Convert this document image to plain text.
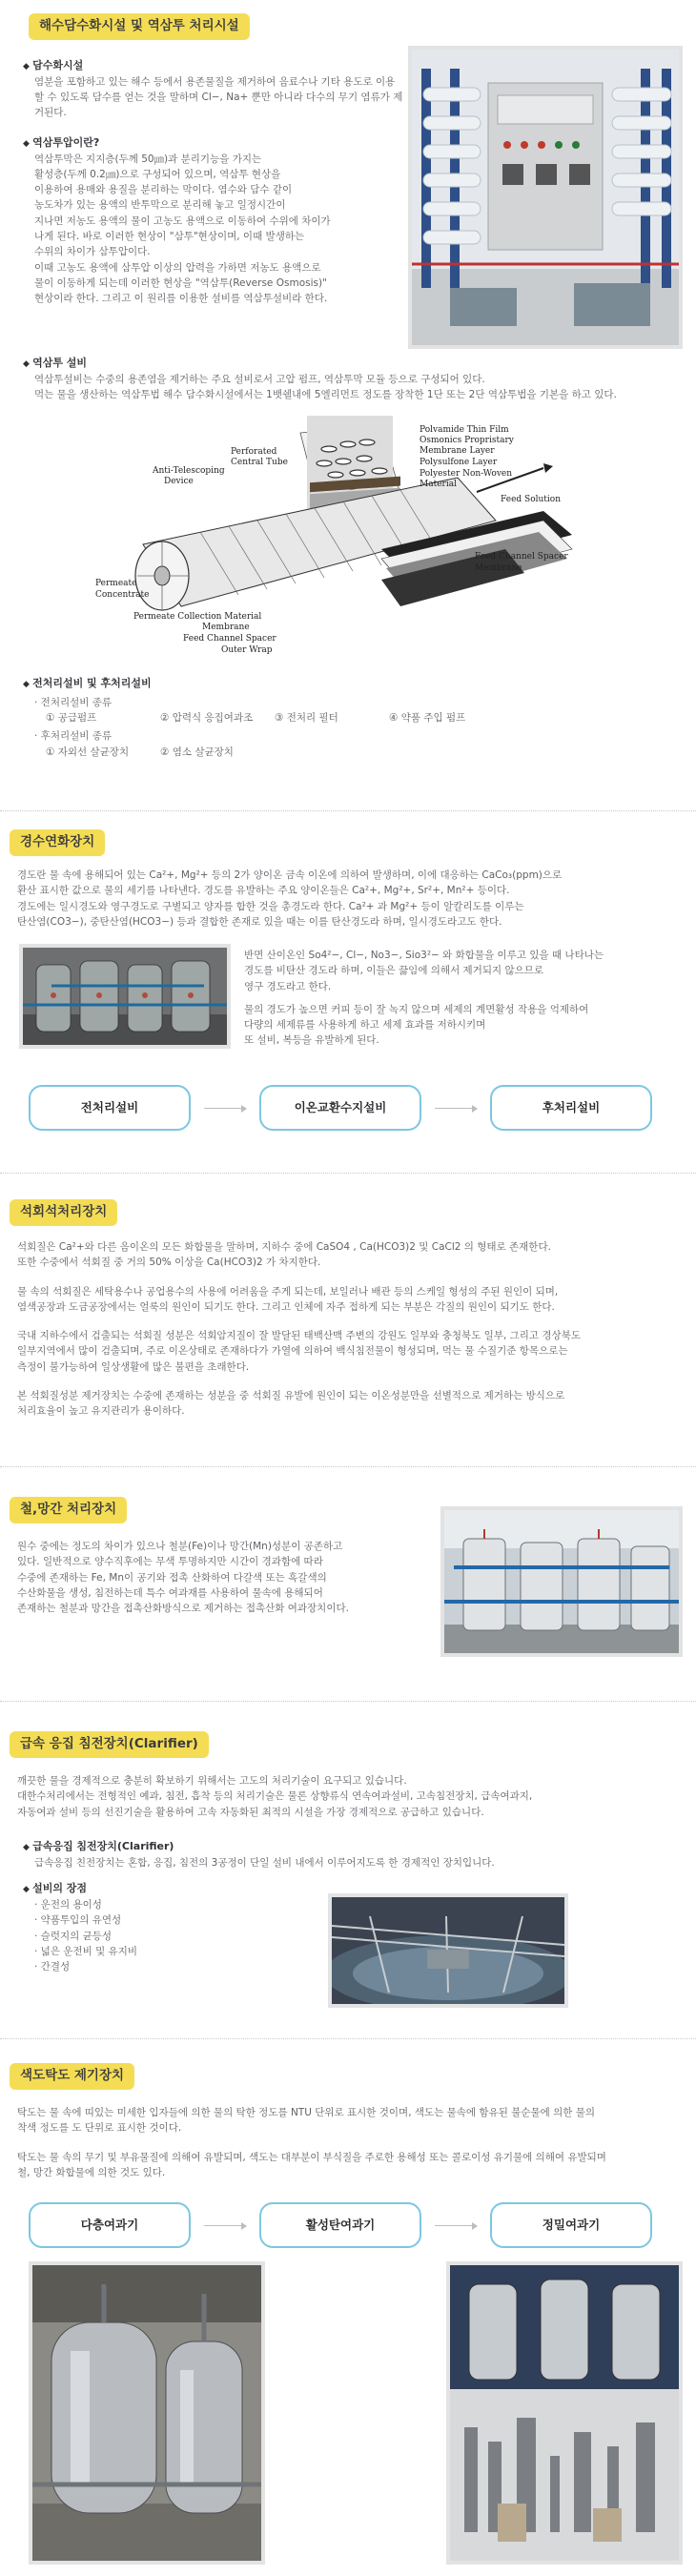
해수담수화시설 및 역삼투 처리시설
◆ 담수화시설

염분을 포함하고 있는 해수 등에서 용존물질을 제거하여 음료수나 기타 용도로 이용할 수 있도록 담수를 얻는 것을 말하며 Cl−, Na+ 뿐만 아니라 다수의 무기 염류가 제거된다.

◆ 역삼투압이란?

역삼투막은 지지층(두께 50㎛)과 분리기능을 가지는

활성층(두께 0.2㎛)으로 구성되어 있으며, 역삼투 현상을

이용하여 용매와 용질을 분리하는 막이다. 염수와 담수 같이

농도차가 있는 용액의 반투막으로 분리해 놓고 일정시간이

지나면 저농도 용액의 물이 고농도 용액으로 이동하여 수위에 차이가

나게 된다. 바로 이러한 현상이 "삼투"현상이며, 이때 발생하는

수위의 차이가 삼투압이다.

이때 고농도 용액에 삼투압 이상의 압력을 가하면 저농도 용액으로

물이 이동하게 되는데 이러한 현상을 "역삼투(Reverse Osmosis)"

현상이라 한다. 그리고 이 원리를 이용한 설비를 역삼투설비라 한다.

◆ 역삼투 설비

역삼투설비는 수중의 용존염을 제거하는 주요 설비로서 고압 펌프, 역삼투막 모듈 등으로 구성되어 있다.

먹는 물을 생산하는 역삼투법 해수 담수화시설에서는 1뱃쉘내에 5엘리먼트 정도를 장착한 1단 또는 2단 역삼투법을 기본을 하고 있다.

Polvamide Thin Film
Osmonics Propristary
Membrane Layer
Polysulfone Layer
Polyester Non-Woven
Material
Perforated
Central Tube
Anti-Telescoping
Device
Feed Solution
Permeate
Concentrate
Feed Channel Spacer
Membrane
Permeate Collection Material
Membrane
Feed Channel Spacer
Outer Wrap
◆ 전처리설비 및 후처리설비

· 전처리설비 종류

① 공급펌프	② 압력식 응집여과조	③ 전처리 필터	④ 약품 주입 펌프

· 후처리설비 종류

① 자외선 살균장치	② 염소 살균장치
경수연화장치

경도란 물 속에 용해되어 있는 Ca²+, Mg²+ 등의 2가 양이온 금속 이온에 의하여 발생하며, 이에 대응하는 CaCo₃(ppm)으로

환산 표시한 값으로 물의 세기를 나타낸다. 경도를 유발하는 주요 양이온들은 Ca²+, Mg²+, Sr²+, Mn²+ 등이다.

경도에는 일시경도와 영구경도로 구별되고 양자를 합한 것을 총경도라 한다. Ca²+ 과 Mg²+ 등이 알칼리도를 이루는

탄산염(CO3−), 중탄산염(HCO3−) 등과 결합한 존재로 있을 때는 이를 탄산경도라 하며, 일시경도라고도 한다.

반면 산이온인 So4²−, Cl−, No3−, Sio3²− 와 화합물을 이루고 있을 때 나타나는

경도를 비탄산 경도라 하며, 이들은 끓임에 의해서 제거되지 않으므로

영구 경도라고 한다.

물의 경도가 높으면 커피 등이 잘 녹지 않으며 세제의 계면활성 작용을 억제하여

다량의 세제류를 사용하게 하고 세제 효과를 저하시키며

또 설비, 복등을 유발하게 된다.

전처리설비	이온교환수지설비	후처리설비
석회석처리장치

석회질은 Ca²+와 다른 음이온의 모든 화합물을 말하며, 지하수 중에 CaSO4 , Ca(HCO3)2 및 CaCl2 의 형태로 존재한다.

또한 수중에서 석회질 중 거의 50% 이상을 Ca(HCO3)2 가 차지한다.

물 속의 석회질은 세탁용수나 공업용수의 사용에 어려움을 주게 되는데, 보일러나 배관 등의 스케일 형성의 주된 원인이 되며,

염색공장과 도금공장에서는 얼룩의 원인이 되기도 한다. 그리고 인체에 자주 접하게 되는 부분은 각질의 원인이 되기도 한다.

국내 지하수에서 검출되는 석회질 성분은 석회암지질이 잘 발달된 태백산맥 주변의 강원도 일부와 충청북도 일부, 그리고 경상북도

일부지역에서 많이 검출되며, 주로 이온상태로 존재하다가 가열에 의하여 백식침전물이 형성되며, 먹는 물 수질기준 항목으로는

측정이 불가능하여 일상생활에 많은 불편을 초래한다.

본 석회질성분 제거장치는 수중에 존재하는 성분을 중 석회질 유발에 원인이 되는 이온성분만을 선별적으로 제거하는 방식으로

처리효율이 높고 유지관리가 용이하다.

철,망간 처리장치

원수 중에는 정도의 차이가 있으나 철분(Fe)이나 망간(Mn)성분이 공존하고

있다. 일반적으로 양수직후에는 무색 투명하지만 시간이 경과함에 따라

수중에 존재하는 Fe, Mn이 공기와 접촉 산화하여 다갈색 또는 흑갈색의

수산화물을 생성, 침전하는데 특수 여과재를 사용하여 물속에 용해되어

존재하는 철분과 망간을 접촉산화방식으로 제거하는 접촉산화 여과장치이다.

급속 응집 침전장치(Clarifier)

깨끗한 물을 경제적으로 충분히 확보하기 위해서는 고도의 처리기술이 요구되고 있습니다.

대한수처리에서는 전형적인 예과, 침전, 흡착 등의 처리기술은 물론 상향류식 연속여과설비, 고속침전장치, 급속여과지,

자동여과 설비 등의 선진기술을 활용하여 고속 자동화된 최적의 시설을 가장 경제적으로 공급하고 있습니다.

◆ 급속응집 침전장치(Clarifier)

급속응집 친전장치는 혼합, 응집, 침전의 3공정이 단일 설비 내에서 이루어지도록 한 경제적인 장치입니다.

◆ 설비의 장점

· 운전의 용이성

· 약품투입의 유연성

· 슬럿지의 균등성

· 넓은 운전비 및 유지비

· 간결성

색도탁도 제기장치

탁도는 물 속에 띠있는 미세한 입자들에 의한 물의 탁한 정도를 NTU 단위로 표시한 것이며, 색도는 물속에 함유된 불순물에 의한 물의

착색 정도를 도 단위로 표시한 것이다.

탁도는 물 속의 무기 및 부유물질에 의해여 유발되며, 색도는 대부분이 부식질을 주로한 용해성 또는 콜로이성 유기물에 의해여 유발되며

철, 망간 화합물에 의한 것도 있다.

다층여과기	활성탄여과기	정밀여과기
